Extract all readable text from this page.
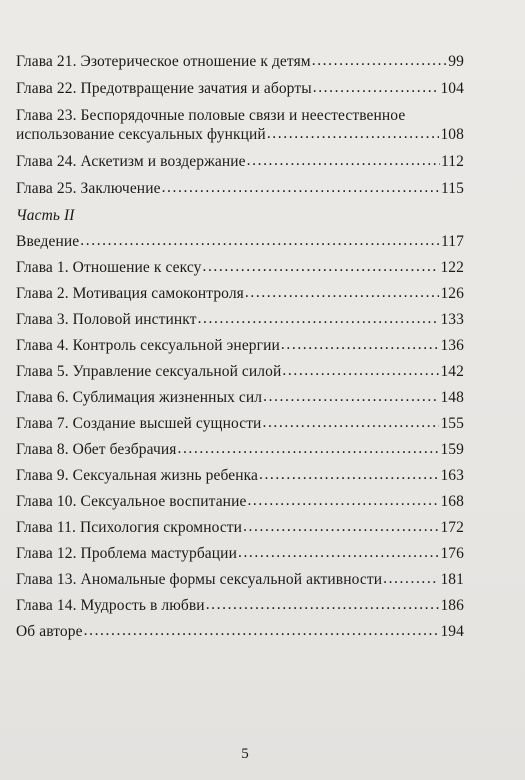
Глава 21. Эзотерическое отношение к детям .....	99
Глава 22. Предотвращение зачатия и аборты .....	104
Глава 23. Беспорядочные половые связи и неестественное
использование сексуальных функций .....	108
Глава 24. Аскетизм и воздержание .....	112
Глава 25. Заключение .....	115
Часть II
Введение .....	117
Глава 1. Отношение к сексу .....	122
Глава 2. Мотивация самоконтроля .....	126
Глава 3. Половой инстинкт .....	133
Глава 4. Контроль сексуальной энергии .....	136
Глава 5. Управление сексуальной силой .....	142
Глава 6. Сублимация жизненных сил .....	148
Глава 7. Создание высшей сущности .....	155
Глава 8. Обет безбрачия .....	159
Глава 9. Сексуальная жизнь ребенка .....	163
Глава 10. Сексуальное воспитание .....	168
Глава 11. Психология скромности .....	172
Глава 12. Проблема мастурбации .....	176
Глава 13. Аномальные формы сексуальной активности .....	181
Глава 14. Мудрость в любви .....	186
Об авторе .....	194
5
